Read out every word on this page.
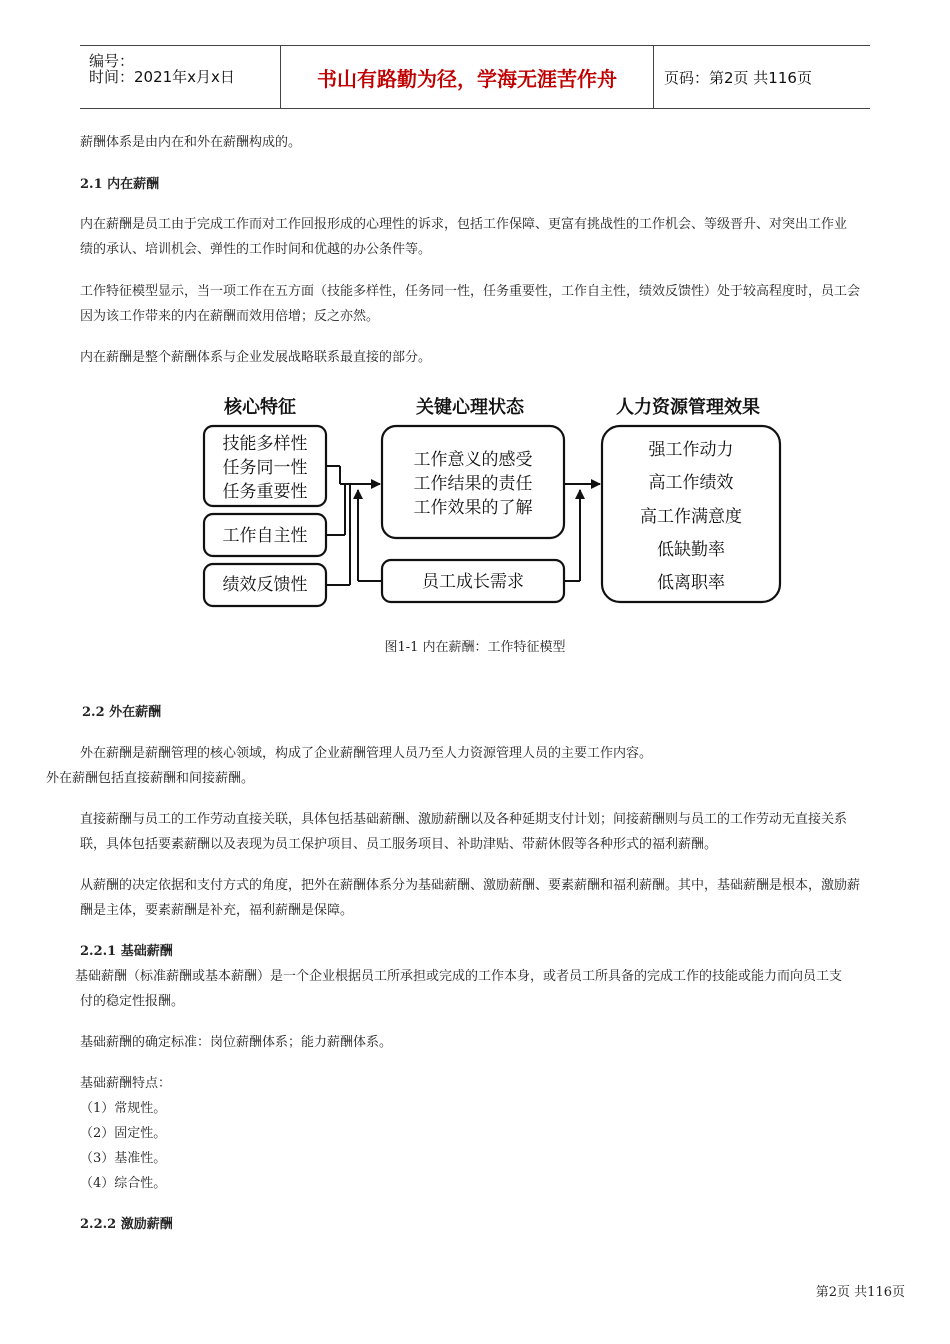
编号：
时间：2021年x月x日	书山有路勤为径，学海无涯苦作舟	页码：第2页 共116页
薪酬体系是由内在和外在薪酬构成的。
2.1 内在薪酬
内在薪酬是员工由于完成工作而对工作回报形成的心理性的诉求，包括工作保障、更富有挑战性的工作机会、等级晋升、对突出工作业
绩的承认、培训机会、弹性的工作时间和优越的办公条件等。
工作特征模型显示，当一项工作在五方面（技能多样性，任务同一性，任务重要性，工作自主性，绩效反馈性）处于较高程度时，员工会
因为该工作带来的内在薪酬而效用倍增；反之亦然。
内在薪酬是整个薪酬体系与企业发展战略联系最直接的部分。
核心特征	关键心理状态	人力资源管理效果
技能多样性
任务同一性
任务重要性
工作自主性
绩效反馈性
工作意义的感受
工作结果的责任
工作效果的了解
员工成长需求
强工作动力
高工作绩效
高工作满意度
低缺勤率
低离职率
图1-1 内在薪酬：工作特征模型
2.2 外在薪酬
外在薪酬是薪酬管理的核心领域，构成了企业薪酬管理人员乃至人力资源管理人员的主要工作内容。
外在薪酬包括直接薪酬和间接薪酬。
直接薪酬与员工的工作劳动直接关联，具体包括基础薪酬、激励薪酬以及各种延期支付计划；间接薪酬则与员工的工作劳动无直接关系
联，具体包括要素薪酬以及表现为员工保护项目、员工服务项目、补助津贴、带薪休假等各种形式的福利薪酬。
从薪酬的决定依据和支付方式的角度，把外在薪酬体系分为基础薪酬、激励薪酬、要素薪酬和福利薪酬。其中，基础薪酬是根本，激励薪
酬是主体，要素薪酬是补充，福利薪酬是保障。
2.2.1 基础薪酬
基础薪酬（标准薪酬或基本薪酬）是一个企业根据员工所承担或完成的工作本身，或者员工所具备的完成工作的技能或能力而向员工支
付的稳定性报酬。
基础薪酬的确定标准：岗位薪酬体系；能力薪酬体系。
基础薪酬特点：
（1）常规性。
（2）固定性。
（3）基准性。
（4）综合性。
2.2.2 激励薪酬
第2页 共116页
